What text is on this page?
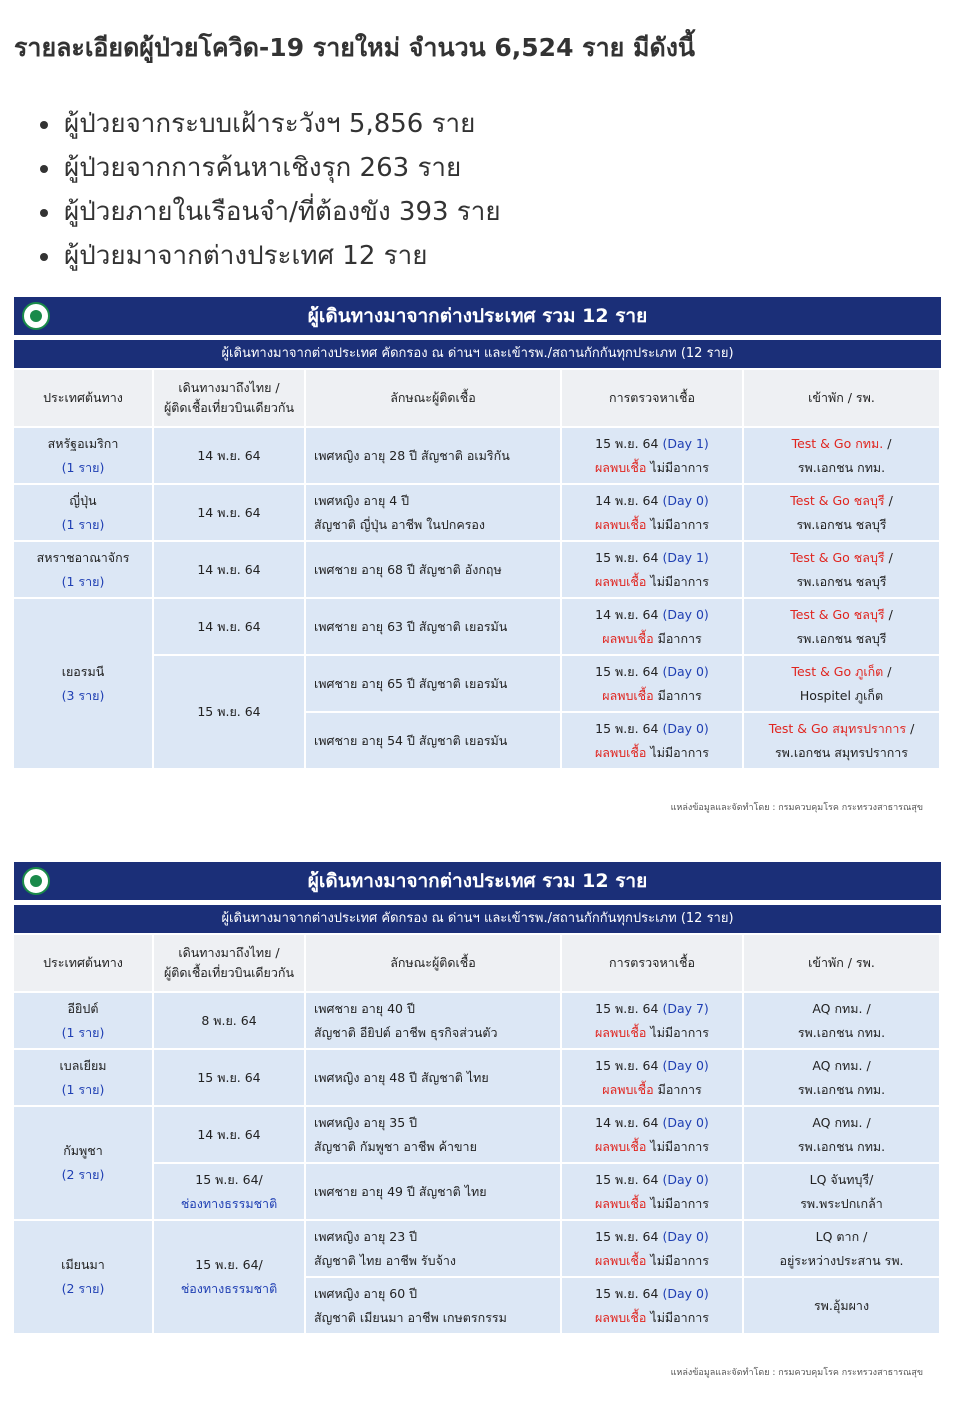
รายละเอียดผู้ป่วยโควิด-19 รายใหม่ จำนวน 6,524 ราย มีดังนี้
ผู้ป่วยจากระบบเฝ้าระวังฯ 5,856 ราย
ผู้ป่วยจากการค้นหาเชิงรุก 263 ราย
ผู้ป่วยภายในเรือนจำ/ที่ต้องขัง 393 ราย
ผู้ป่วยมาจากต่างประเทศ 12 ราย
ผู้เดินทางมาจากต่างประเทศ รวม 12 ราย
ผู้เดินทางมาจากต่างประเทศ คัดกรอง ณ ด่านฯ และเข้ารพ./สถานกักกันทุกประเภท (12 ราย)
ประเทศต้นทาง	เดินทางมาถึงไทย /
ผู้ติดเชื้อเที่ยวบินเดียวกัน	ลักษณะผู้ติดเชื้อ	การตรวจหาเชื้อ	เข้าพัก / รพ.

สหรัฐอเมริกา
(1 ราย)	14 พ.ย. 64	เพศหญิง อายุ 28 ปี สัญชาติ อเมริกัน	15 พ.ย. 64 (Day 1)
ผลพบเชื้อ ไม่มีอาการ	Test & Go กทม. /
รพ.เอกชน กทม.

ญี่ปุ่น
(1 ราย)	14 พ.ย. 64	เพศหญิง อายุ 4 ปี
สัญชาติ ญี่ปุ่น อาชีพ ในปกครอง	14 พ.ย. 64 (Day 0)
ผลพบเชื้อ ไม่มีอาการ	Test & Go ชลบุรี /
รพ.เอกชน ชลบุรี

สหราชอาณาจักร
(1 ราย)	14 พ.ย. 64	เพศชาย อายุ 68 ปี สัญชาติ อังกฤษ	15 พ.ย. 64 (Day 1)
ผลพบเชื้อ ไม่มีอาการ	Test & Go ชลบุรี /
รพ.เอกชน ชลบุรี

เยอรมนี
(3 ราย)	14 พ.ย. 64	เพศชาย อายุ 63 ปี สัญชาติ เยอรมัน	14 พ.ย. 64 (Day 0)
ผลพบเชื้อ มีอาการ	Test & Go ชลบุรี /
รพ.เอกชน ชลบุรี

	15 พ.ย. 64	เพศชาย อายุ 65 ปี สัญชาติ เยอรมัน	15 พ.ย. 64 (Day 0)
ผลพบเชื้อ มีอาการ	Test & Go ภูเก็ต /
Hospitel ภูเก็ต

		เพศชาย อายุ 54 ปี สัญชาติ เยอรมัน	15 พ.ย. 64 (Day 0)
ผลพบเชื้อ ไม่มีอาการ	Test & Go สมุทรปราการ /
รพ.เอกชน สมุทรปราการ
แหล่งข้อมูลและจัดทำโดย : กรมควบคุมโรค กระทรวงสาธารณสุข
ผู้เดินทางมาจากต่างประเทศ รวม 12 ราย
ผู้เดินทางมาจากต่างประเทศ คัดกรอง ณ ด่านฯ และเข้ารพ./สถานกักกันทุกประเภท (12 ราย)
ประเทศต้นทาง	เดินทางมาถึงไทย /
ผู้ติดเชื้อเที่ยวบินเดียวกัน	ลักษณะผู้ติดเชื้อ	การตรวจหาเชื้อ	เข้าพัก / รพ.

อียิปต์
(1 ราย)	8 พ.ย. 64	เพศชาย อายุ 40 ปี
สัญชาติ อียิปต์ อาชีพ ธุรกิจส่วนตัว	15 พ.ย. 64 (Day 7)
ผลพบเชื้อ ไม่มีอาการ	AQ กทม. /
รพ.เอกชน กทม.

เบลเยียม
(1 ราย)	15 พ.ย. 64	เพศหญิง อายุ 48 ปี สัญชาติ ไทย	15 พ.ย. 64 (Day 0)
ผลพบเชื้อ มีอาการ	AQ กทม. /
รพ.เอกชน กทม.

กัมพูชา
(2 ราย)	14 พ.ย. 64	เพศหญิง อายุ 35 ปี
สัญชาติ กัมพูชา อาชีพ ค้าขาย	14 พ.ย. 64 (Day 0)
ผลพบเชื้อ ไม่มีอาการ	AQ กทม. /
รพ.เอกชน กทม.

	15 พ.ย. 64/
ช่องทางธรรมชาติ	เพศชาย อายุ 49 ปี สัญชาติ ไทย	15 พ.ย. 64 (Day 0)
ผลพบเชื้อ ไม่มีอาการ	LQ จันทบุรี/
รพ.พระปกเกล้า

เมียนมา
(2 ราย)	15 พ.ย. 64/
ช่องทางธรรมชาติ	เพศหญิง อายุ 23 ปี
สัญชาติ ไทย อาชีพ รับจ้าง	15 พ.ย. 64 (Day 0)
ผลพบเชื้อ ไม่มีอาการ	LQ ตาก /
อยู่ระหว่างประสาน รพ.

		เพศหญิง อายุ 60 ปี
สัญชาติ เมียนมา อาชีพ เกษตรกรรม	15 พ.ย. 64 (Day 0)
ผลพบเชื้อ ไม่มีอาการ	รพ.อุ้มผาง
แหล่งข้อมูลและจัดทำโดย : กรมควบคุมโรค กระทรวงสาธารณสุข
